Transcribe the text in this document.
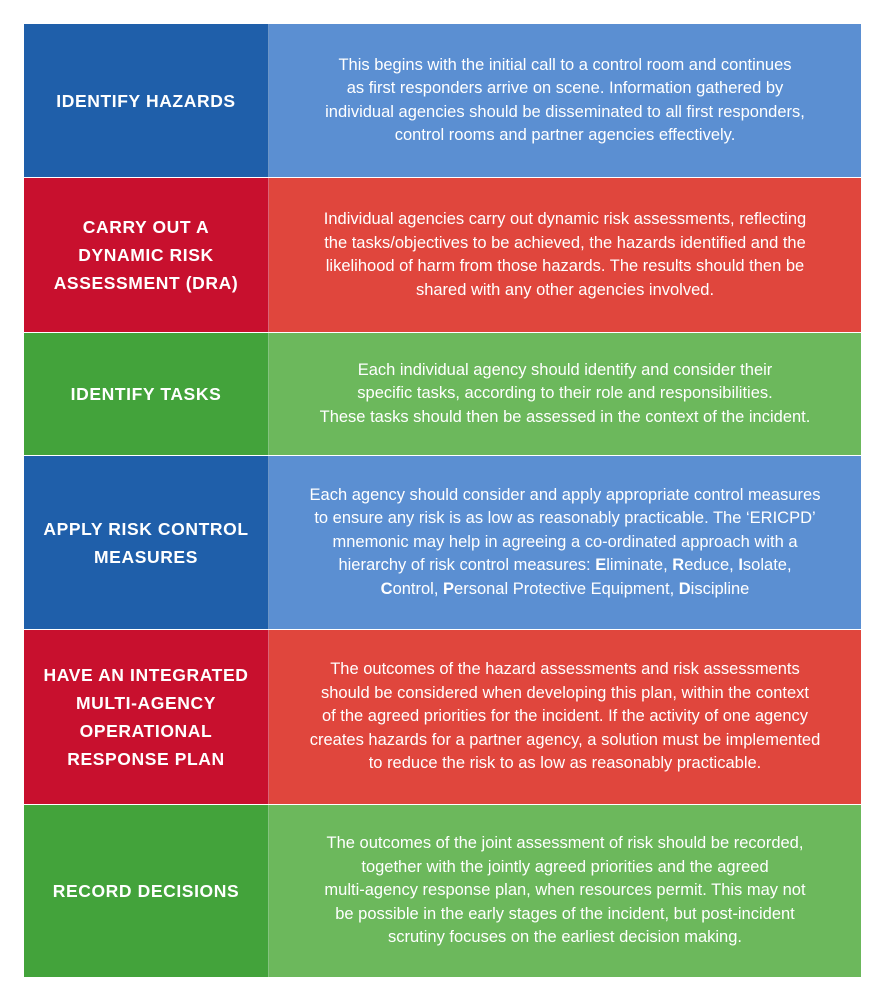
IDENTIFY HAZARDS
This begins with the initial call to a control room and continues
as first responders arrive on scene. Information gathered by
individual agencies should be disseminated to all first responders,
control rooms and partner agencies effectively.
CARRY OUT A
DYNAMIC RISK
ASSESSMENT (DRA)
Individual agencies carry out dynamic risk assessments, reflecting
the tasks/objectives to be achieved, the hazards identified and the
likelihood of harm from those hazards. The results should then be
shared with any other agencies involved.
IDENTIFY TASKS
Each individual agency should identify and consider their
specific tasks, according to their role and responsibilities.
These tasks should then be assessed in the context of the incident.
APPLY RISK CONTROL
MEASURES
Each agency should consider and apply appropriate control measures
to ensure any risk is as low as reasonably practicable. The ‘ERICPD’
mnemonic may help in agreeing a co-ordinated approach with a
hierarchy of risk control measures: Eliminate, Reduce, Isolate,
Control, Personal Protective Equipment, Discipline
HAVE AN INTEGRATED
MULTI-AGENCY
OPERATIONAL
RESPONSE PLAN
The outcomes of the hazard assessments and risk assessments
should be considered when developing this plan, within the context
of the agreed priorities for the incident. If the activity of one agency
creates hazards for a partner agency, a solution must be implemented
to reduce the risk to as low as reasonably practicable.
RECORD DECISIONS
The outcomes of the joint assessment of risk should be recorded,
together with the jointly agreed priorities and the agreed
multi-agency response plan, when resources permit. This may not
be possible in the early stages of the incident, but post-incident
scrutiny focuses on the earliest decision making.
